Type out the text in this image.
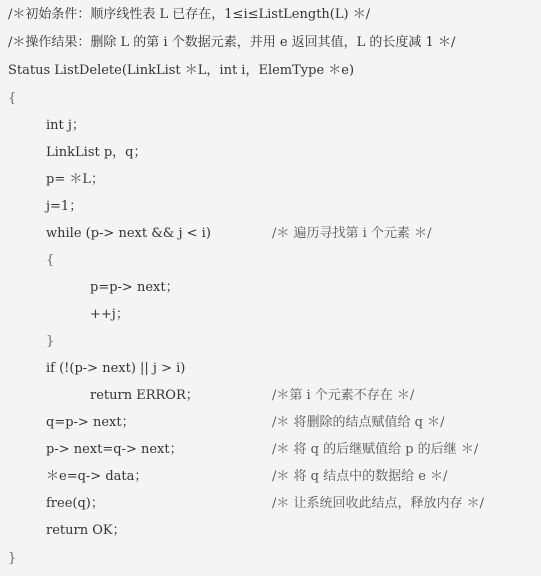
/＊初始条件：顺序线性表 L 已存在，1≤i≤ListLength(L) ＊/
/＊操作结果：删除 L 的第 i 个数据元素，并用 e 返回其值，L 的长度减 1 ＊/
Status ListDelete(LinkList ＊L，int i，ElemType ＊e)
{
int j；
LinkList p，q；
p= ＊L；
j=1；
while (p-> next && j < i)	/＊ 遍历寻找第 i 个元素 ＊/
{
p=p-> next；
++j；
}
if (!(p-> next) || j > i)
return ERROR；	/＊第 i 个元素不存在 ＊/
q=p-> next；	/＊ 将删除的结点赋值给 q ＊/
p-> next=q-> next；	/＊ 将 q 的后继赋值给 p 的后继 ＊/
＊e=q-> data；	/＊ 将 q 结点中的数据给 e ＊/
free(q)；	/＊ 让系统回收此结点，释放内存 ＊/
return OK；
}
